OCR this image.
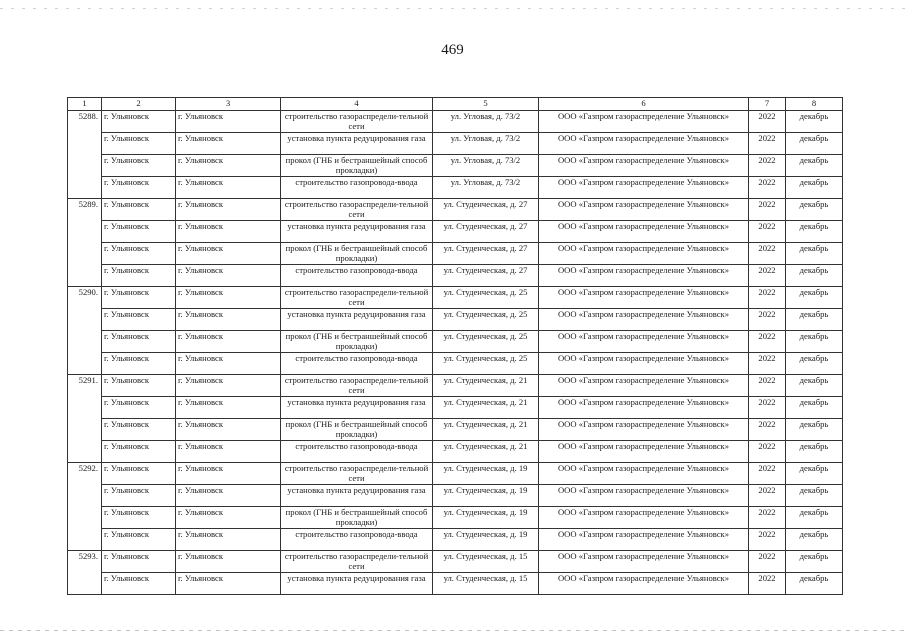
469
1	2	3	4	5	6	7	8
5288.	г. Ульяновск	г. Ульяновск	строительство газораспредели-тельной сети	ул. Угловая, д. 73/2	ООО «Газпром газораспределение Ульяновск»	2022	декабрь
	г. Ульяновск	г. Ульяновск	установка пункта редуцирования газа	ул. Угловая, д. 73/2	ООО «Газпром газораспределение Ульяновск»	2022	декабрь
	г. Ульяновск	г. Ульяновск	прокол (ГНБ и бестраншейный способ прокладки)	ул. Угловая, д. 73/2	ООО «Газпром газораспределение Ульяновск»	2022	декабрь
	г. Ульяновск	г. Ульяновск	строительство газопровода-ввода	ул. Угловая, д. 73/2	ООО «Газпром газораспределение Ульяновск»	2022	декабрь
5289.	г. Ульяновск	г. Ульяновск	строительство газораспредели-тельной сети	ул. Студенческая, д. 27	ООО «Газпром газораспределение Ульяновск»	2022	декабрь
	г. Ульяновск	г. Ульяновск	установка пункта редуцирования газа	ул. Студенческая, д. 27	ООО «Газпром газораспределение Ульяновск»	2022	декабрь
	г. Ульяновск	г. Ульяновск	прокол (ГНБ и бестраншейный способ прокладки)	ул. Студенческая, д. 27	ООО «Газпром газораспределение Ульяновск»	2022	декабрь
	г. Ульяновск	г. Ульяновск	строительство газопровода-ввода	ул. Студенческая, д. 27	ООО «Газпром газораспределение Ульяновск»	2022	декабрь
5290.	г. Ульяновск	г. Ульяновск	строительство газораспредели-тельной сети	ул. Студенческая, д. 25	ООО «Газпром газораспределение Ульяновск»	2022	декабрь
	г. Ульяновск	г. Ульяновск	установка пункта редуцирования газа	ул. Студенческая, д. 25	ООО «Газпром газораспределение Ульяновск»	2022	декабрь
	г. Ульяновск	г. Ульяновск	прокол (ГНБ и бестраншейный способ прокладки)	ул. Студенческая, д. 25	ООО «Газпром газораспределение Ульяновск»	2022	декабрь
	г. Ульяновск	г. Ульяновск	строительство газопровода-ввода	ул. Студенческая, д. 25	ООО «Газпром газораспределение Ульяновск»	2022	декабрь
5291.	г. Ульяновск	г. Ульяновск	строительство газораспредели-тельной сети	ул. Студенческая, д. 21	ООО «Газпром газораспределение Ульяновск»	2022	декабрь
	г. Ульяновск	г. Ульяновск	установка пункта редуцирования газа	ул. Студенческая, д. 21	ООО «Газпром газораспределение Ульяновск»	2022	декабрь
	г. Ульяновск	г. Ульяновск	прокол (ГНБ и бестраншейный способ прокладки)	ул. Студенческая, д. 21	ООО «Газпром газораспределение Ульяновск»	2022	декабрь
	г. Ульяновск	г. Ульяновск	строительство газопровода-ввода	ул. Студенческая, д. 21	ООО «Газпром газораспределение Ульяновск»	2022	декабрь
5292.	г. Ульяновск	г. Ульяновск	строительство газораспредели-тельной сети	ул. Студенческая, д. 19	ООО «Газпром газораспределение Ульяновск»	2022	декабрь
	г. Ульяновск	г. Ульяновск	установка пункта редуцирования газа	ул. Студенческая, д. 19	ООО «Газпром газораспределение Ульяновск»	2022	декабрь
	г. Ульяновск	г. Ульяновск	прокол (ГНБ и бестраншейный способ прокладки)	ул. Студенческая, д. 19	ООО «Газпром газораспределение Ульяновск»	2022	декабрь
	г. Ульяновск	г. Ульяновск	строительство газопровода-ввода	ул. Студенческая, д. 19	ООО «Газпром газораспределение Ульяновск»	2022	декабрь
5293.	г. Ульяновск	г. Ульяновск	строительство газораспредели-тельной сети	ул. Студенческая, д. 15	ООО «Газпром газораспределение Ульяновск»	2022	декабрь
	г. Ульяновск	г. Ульяновск	установка пункта редуцирования газа	ул. Студенческая, д. 15	ООО «Газпром газораспределение Ульяновск»	2022	декабрь
